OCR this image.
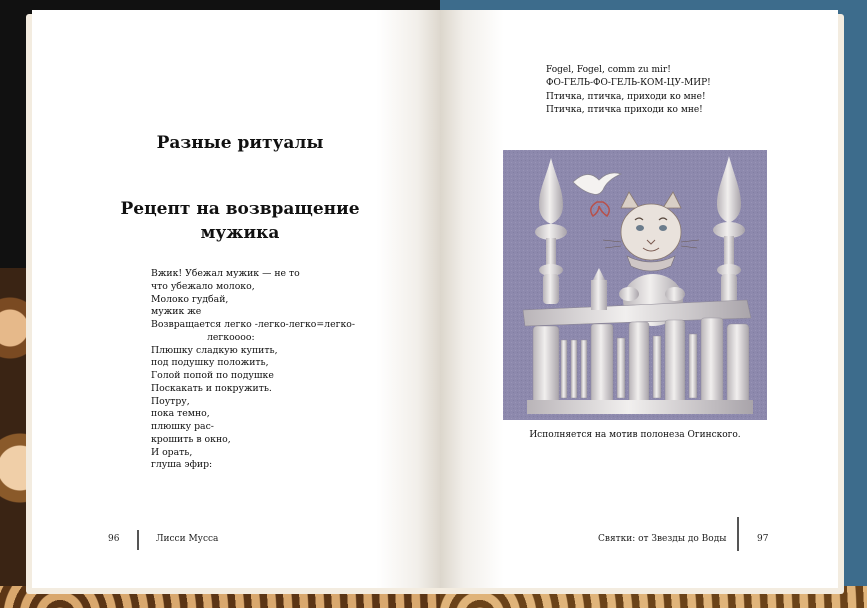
Разные ритуалы
Рецепт на возвращение
мужика
Вжик! Убежал мужик — не то
что убежало молоко,
Молоко гудбай,
мужик же
Возвращается легко -легко-легко=легко-
легкоооо:
Плюшку сладкую купить,
под подушку положить,
Голой попой по подушке
Поскакать и покружить.
Поутру,
пока темно,
плюшку рас-
крошить в окно,
И орать,
глуша эфир:
96	Лисси Мусса
Fogel, Fogel, comm zu mir!
ФО-ГЕЛЬ-ФО-ГЕЛЬ-КОМ-ЦУ-МИР!
Птичка, птичка, приходи ко мне!
Птичка, птичка приходи ко мне!
Исполняется на мотив полонеза Огинского.
Святки: от Звезды до Воды	97
